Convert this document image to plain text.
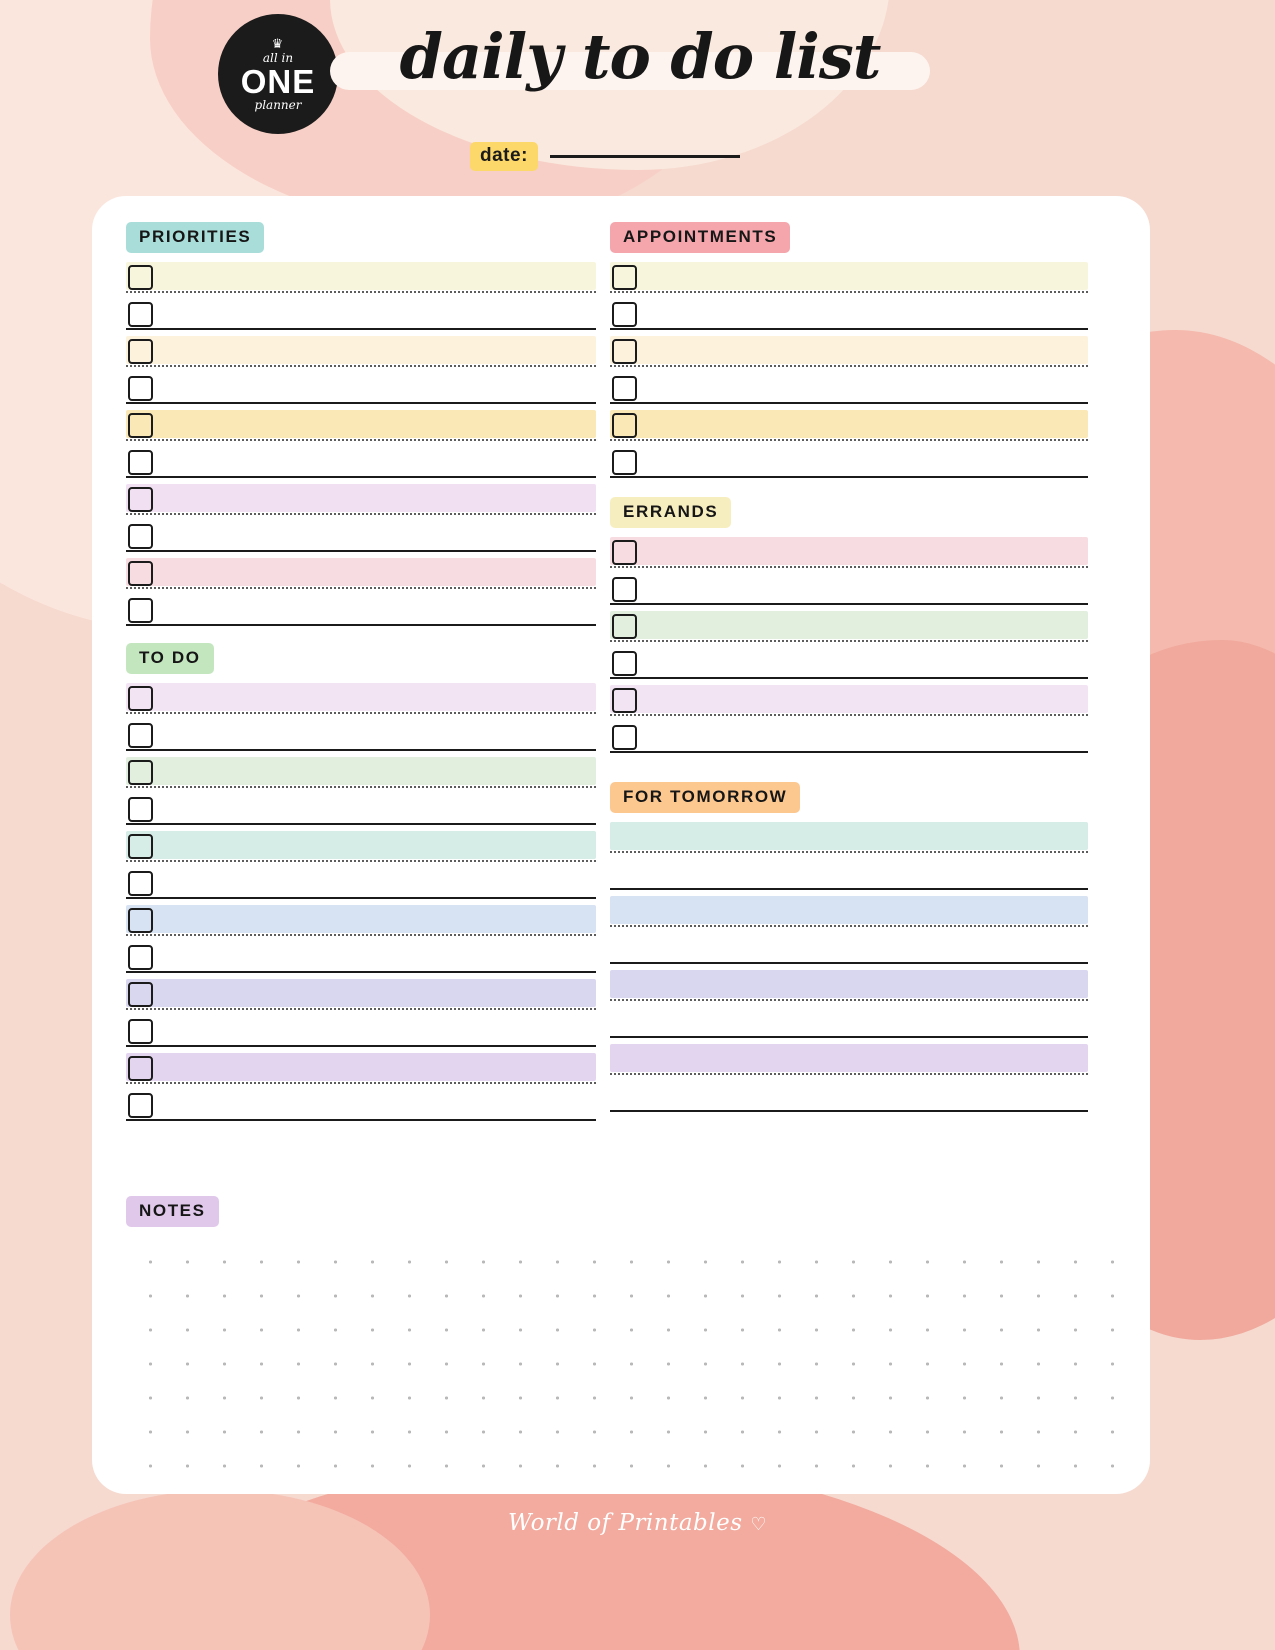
♛
all in
ONE
planner
daily to do list
date:
PRIORITIES
TO DO
APPOINTMENTS
ERRANDS
FOR TOMORROW
NOTES
World of Printables ♡
